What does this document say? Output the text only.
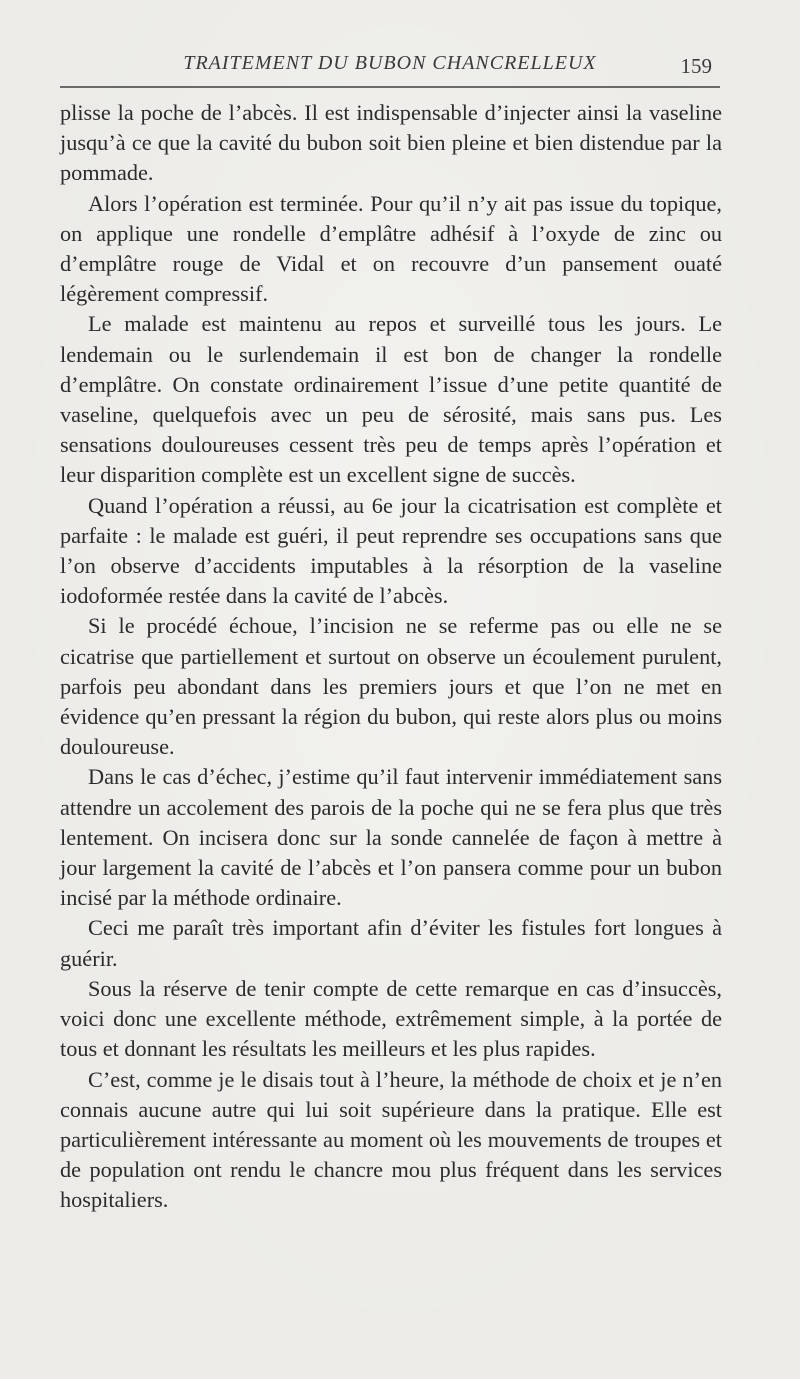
TRAITEMENT DU BUBON CHANCRELLEUX	159

plisse la poche de l’abcès. Il est indispensable d’injecter ainsi la vaseline jusqu’à ce que la cavité du bubon soit bien pleine et bien distendue par la pommade.

Alors l’opération est terminée. Pour qu’il n’y ait pas issue du topique, on applique une rondelle d’emplâtre adhésif à l’oxyde de zinc ou d’emplâtre rouge de Vidal et on recouvre d’un pansement ouaté légèrement compressif.

Le malade est maintenu au repos et surveillé tous les jours. Le lendemain ou le surlendemain il est bon de changer la rondelle d’emplâtre. On constate ordinairement l’issue d’une petite quantité de vaseline, quelquefois avec un peu de sérosité, mais sans pus. Les sensations douloureuses cessent très peu de temps après l’opération et leur disparition complète est un excellent signe de succès.

Quand l’opération a réussi, au 6e jour la cicatrisation est complète et parfaite : le malade est guéri, il peut reprendre ses occupations sans que l’on observe d’accidents imputables à la résorption de la vaseline iodoformée restée dans la cavité de l’abcès.

Si le procédé échoue, l’incision ne se referme pas ou elle ne se cicatrise que partiellement et surtout on observe un écoulement purulent, parfois peu abondant dans les premiers jours et que l’on ne met en évidence qu’en pressant la région du bubon, qui reste alors plus ou moins douloureuse.

Dans le cas d’échec, j’estime qu’il faut intervenir immédiatement sans attendre un accolement des parois de la poche qui ne se fera plus que très lentement. On incisera donc sur la sonde cannelée de façon à mettre à jour largement la cavité de l’abcès et l’on pansera comme pour un bubon incisé par la méthode ordinaire.

Ceci me paraît très important afin d’éviter les fistules fort longues à guérir.

Sous la réserve de tenir compte de cette remarque en cas d’insuccès, voici donc une excellente méthode, extrêmement simple, à la portée de tous et donnant les résultats les meilleurs et les plus rapides.

C’est, comme je le disais tout à l’heure, la méthode de choix et je n’en connais aucune autre qui lui soit supérieure dans la pratique. Elle est particulièrement intéressante au moment où les mouvements de troupes et de population ont rendu le chancre mou plus fréquent dans les services hospitaliers.
